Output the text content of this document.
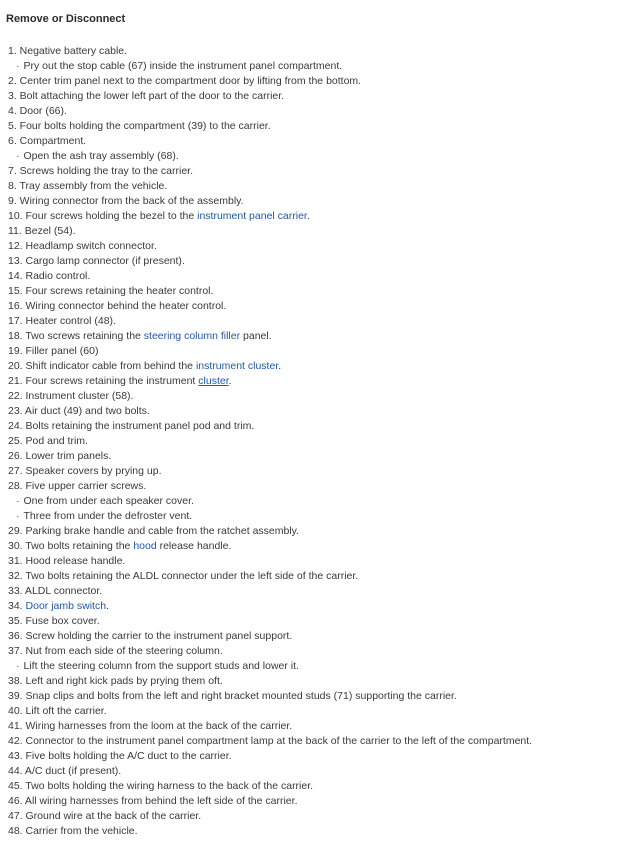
Remove or Disconnect
1. Negative battery cable.
· Pry out the stop cable (67) inside the instrument panel compartment.
2. Center trim panel next to the compartment door by lifting from the bottom.
3. Bolt attaching the lower left part of the door to the carrier.
4. Door (66).
5. Four bolts holding the compartment (39) to the carrier.
6. Compartment.
· Open the ash tray assembly (68).
7. Screws holding the tray to the carrier.
8. Tray assembly from the vehicle.
9. Wiring connector from the back of the assembly.
10. Four screws holding the bezel to the instrument panel carrier.
11. Bezel (54).
12. Headlamp switch connector.
13. Cargo lamp connector (if present).
14. Radio control.
15. Four screws retaining the heater control.
16. Wiring connector behind the heater control.
17. Heater control (48).
18. Two screws retaining the steering column filler panel.
19. Filler panel (60)
20. Shift indicator cable from behind the instrument cluster.
21. Four screws retaining the instrument cluster.
22. Instrument cluster (58).
23. Air duct (49) and two bolts.
24. Bolts retaining the instrument panel pod and trim.
25. Pod and trim.
26. Lower trim panels.
27. Speaker covers by prying up.
28. Five upper carrier screws.
· One from under each speaker cover.
· Three from under the defroster vent.
29. Parking brake handle and cable from the ratchet assembly.
30. Two bolts retaining the hood release handle.
31. Hood release handle.
32. Two bolts retaining the ALDL connector under the left side of the carrier.
33. ALDL connector.
34. Door jamb switch.
35. Fuse box cover.
36. Screw holding the carrier to the instrument panel support.
37. Nut from each side of the steering column.
· Lift the steering column from the support studs and lower it.
38. Left and right kick pads by prying them oft.
39. Snap clips and bolts from the left and right bracket mounted studs (71) supporting the carrier.
40. Lift oft the carrier.
41. Wiring harnesses from the loom at the back of the carrier.
42. Connector to the instrument panel compartment lamp at the back of the carrier to the left of the compartment.
43. Five bolts holding the A/C duct to the carrier.
44. A/C duct (if present).
45. Two bolts holding the wiring harness to the back of the carrier.
46. All wiring harnesses from behind the left side of the carrier.
47. Ground wire at the back of the carrier.
48. Carrier from the vehicle.
